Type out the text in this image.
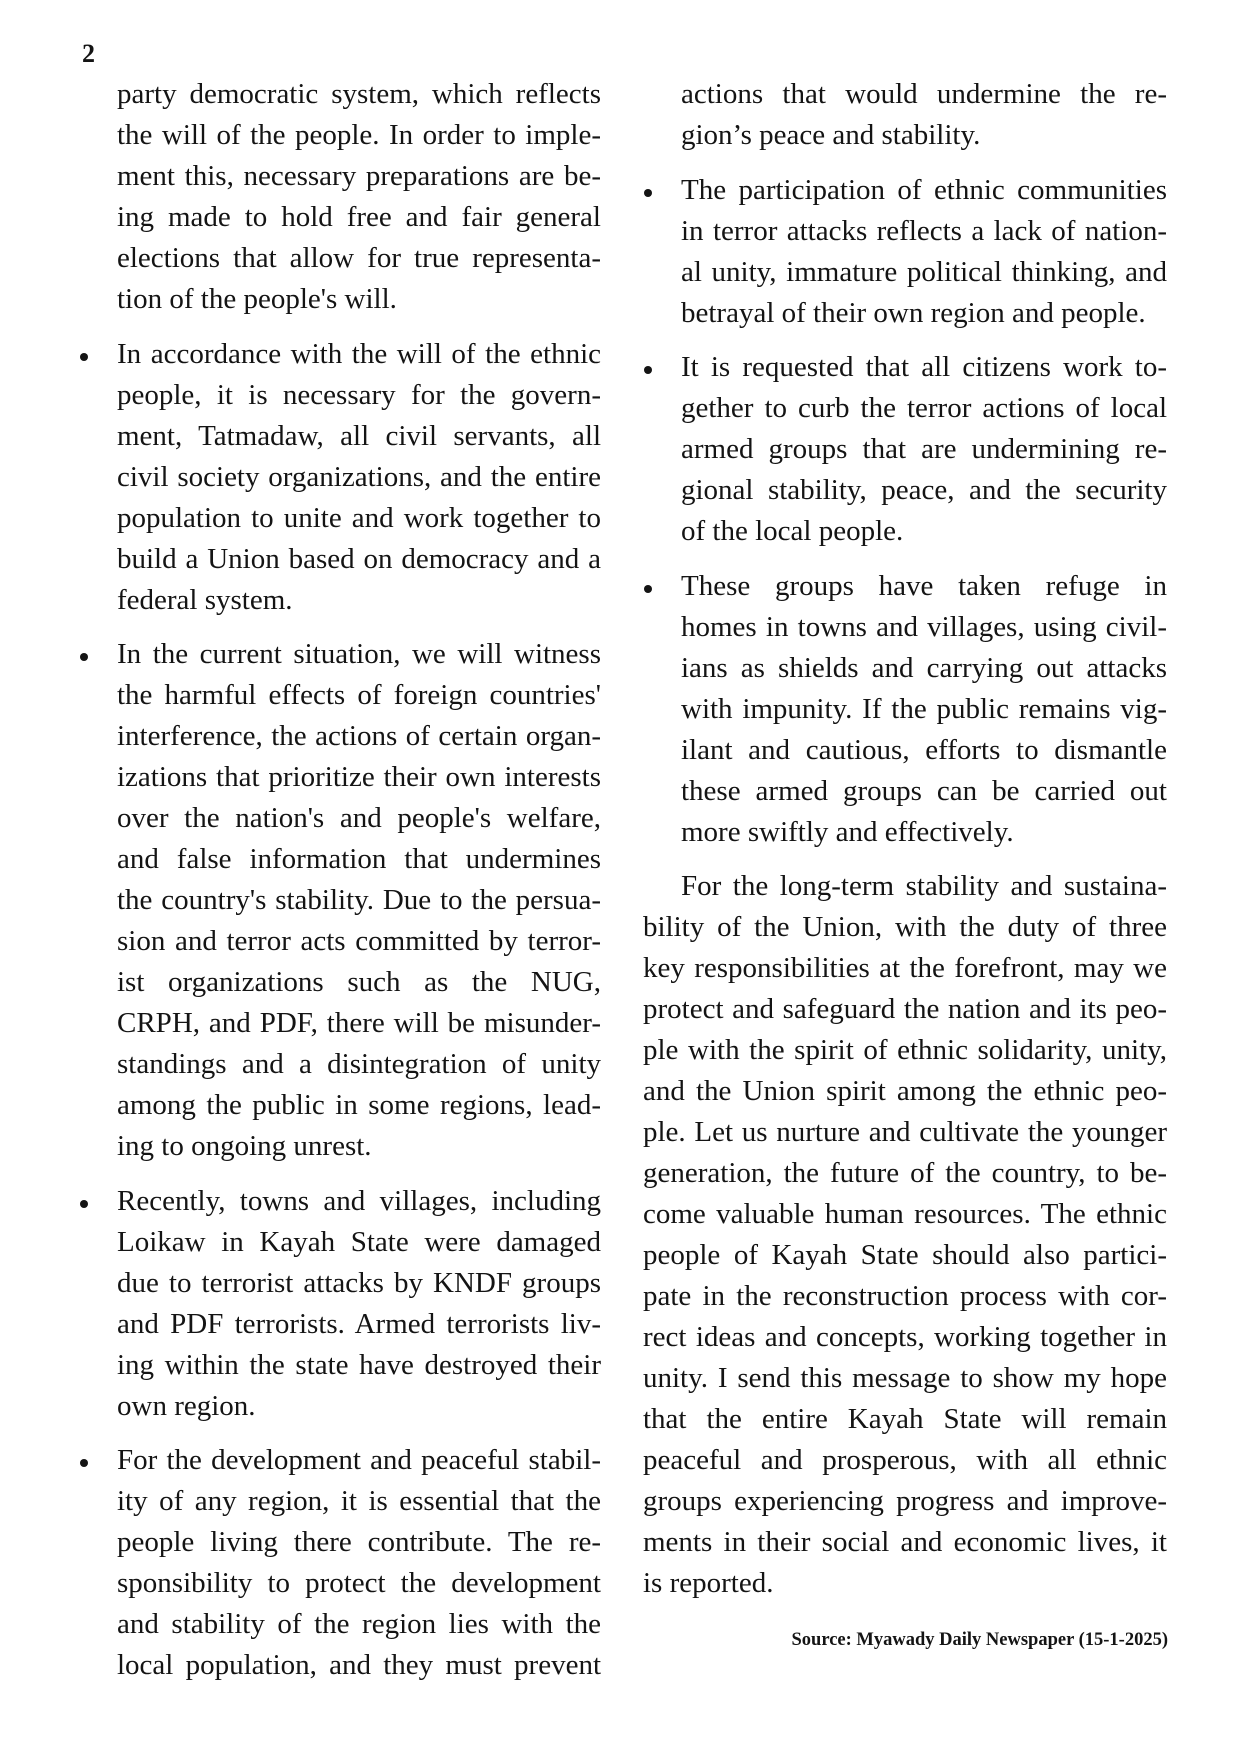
2
party democratic system, which reflects
the will of the people. In order to imple-
ment this, necessary preparations are be-
ing made to hold free and fair general
elections that allow for true representa-
tion of the people's will.
In accordance with the will of the ethnic
people, it is necessary for the govern-
ment, Tatmadaw, all civil servants, all
civil society organizations, and the entire
population to unite and work together to
build a Union based on democracy and a
federal system.
In the current situation, we will witness
the harmful effects of foreign countries'
interference, the actions of certain organ-
izations that prioritize their own interests
over the nation's and people's welfare,
and false information that undermines
the country's stability. Due to the persua-
sion and terror acts committed by terror-
ist organizations such as the NUG,
CRPH, and PDF, there will be misunder-
standings and a disintegration of unity
among the public in some regions, lead-
ing to ongoing unrest.
Recently, towns and villages, including
Loikaw in Kayah State were damaged
due to terrorist attacks by KNDF groups
and PDF terrorists. Armed terrorists liv-
ing within the state have destroyed their
own region.
For the development and peaceful stabil-
ity of any region, it is essential that the
people living there contribute. The re-
sponsibility to protect the development
and stability of the region lies with the
local population, and they must prevent
actions that would undermine the re-
gion’s peace and stability.
The participation of ethnic communities
in terror attacks reflects a lack of nation-
al unity, immature political thinking, and
betrayal of their own region and people.
It is requested that all citizens work to-
gether to curb the terror actions of local
armed groups that are undermining re-
gional stability, peace, and the security
of the local people.
These groups have taken refuge in
homes in towns and villages, using civil-
ians as shields and carrying out attacks
with impunity. If the public remains vig-
ilant and cautious, efforts to dismantle
these armed groups can be carried out
more swiftly and effectively.
For the long-term stability and sustaina-
bility of the Union, with the duty of three
key responsibilities at the forefront, may we
protect and safeguard the nation and its peo-
ple with the spirit of ethnic solidarity, unity,
and the Union spirit among the ethnic peo-
ple. Let us nurture and cultivate the younger
generation, the future of the country, to be-
come valuable human resources. The ethnic
people of Kayah State should also partici-
pate in the reconstruction process with cor-
rect ideas and concepts, working together in
unity. I send this message to show my hope
that the entire Kayah State will remain
peaceful and prosperous, with all ethnic
groups experiencing progress and improve-
ments in their social and economic lives, it
is reported.
Source: Myawady Daily Newspaper (15-1-2025)
